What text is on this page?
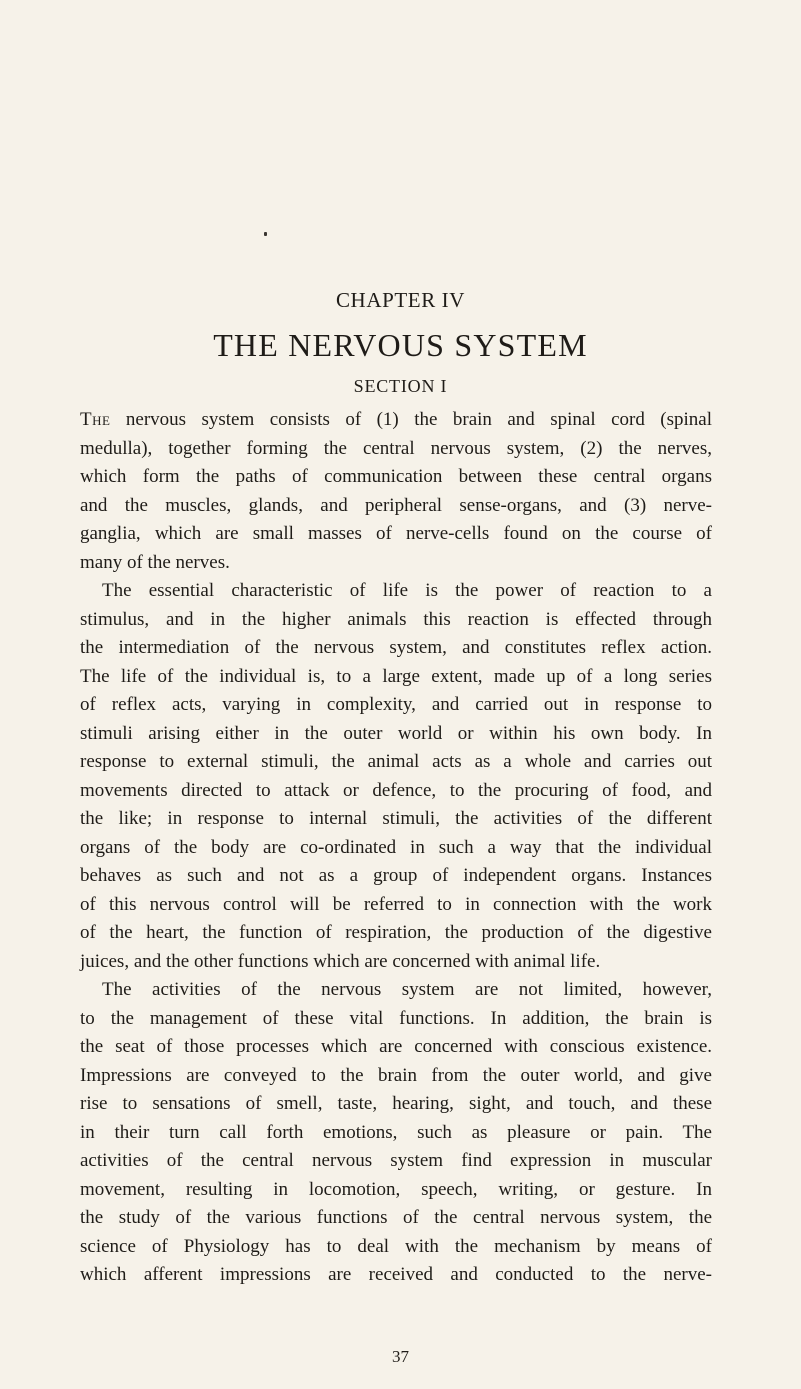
CHAPTER IV
THE NERVOUS SYSTEM
SECTION I
The nervous system consists of (1) the brain and spinal cord (spinal
medulla), together forming the central nervous system, (2) the nerves,
which form the paths of communication between these central organs
and the muscles, glands, and peripheral sense-organs, and (3) nerve-
ganglia, which are small masses of nerve-cells found on the course of
many of the nerves.
The essential characteristic of life is the power of reaction to a
stimulus, and in the higher animals this reaction is effected through
the intermediation of the nervous system, and constitutes reflex action.
The life of the individual is, to a large extent, made up of a long series
of reflex acts, varying in complexity, and carried out in response to
stimuli arising either in the outer world or within his own body. In
response to external stimuli, the animal acts as a whole and carries out
movements directed to attack or defence, to the procuring of food, and
the like; in response to internal stimuli, the activities of the different
organs of the body are co-ordinated in such a way that the individual
behaves as such and not as a group of independent organs. Instances
of this nervous control will be referred to in connection with the work
of the heart, the function of respiration, the production of the digestive
juices, and the other functions which are concerned with animal life.
The activities of the nervous system are not limited, however,
to the management of these vital functions. In addition, the brain is
the seat of those processes which are concerned with conscious existence.
Impressions are conveyed to the brain from the outer world, and give
rise to sensations of smell, taste, hearing, sight, and touch, and these
in their turn call forth emotions, such as pleasure or pain. The
activities of the central nervous system find expression in muscular
movement, resulting in locomotion, speech, writing, or gesture. In
the study of the various functions of the central nervous system, the
science of Physiology has to deal with the mechanism by means of
which afferent impressions are received and conducted to the nerve-
37
